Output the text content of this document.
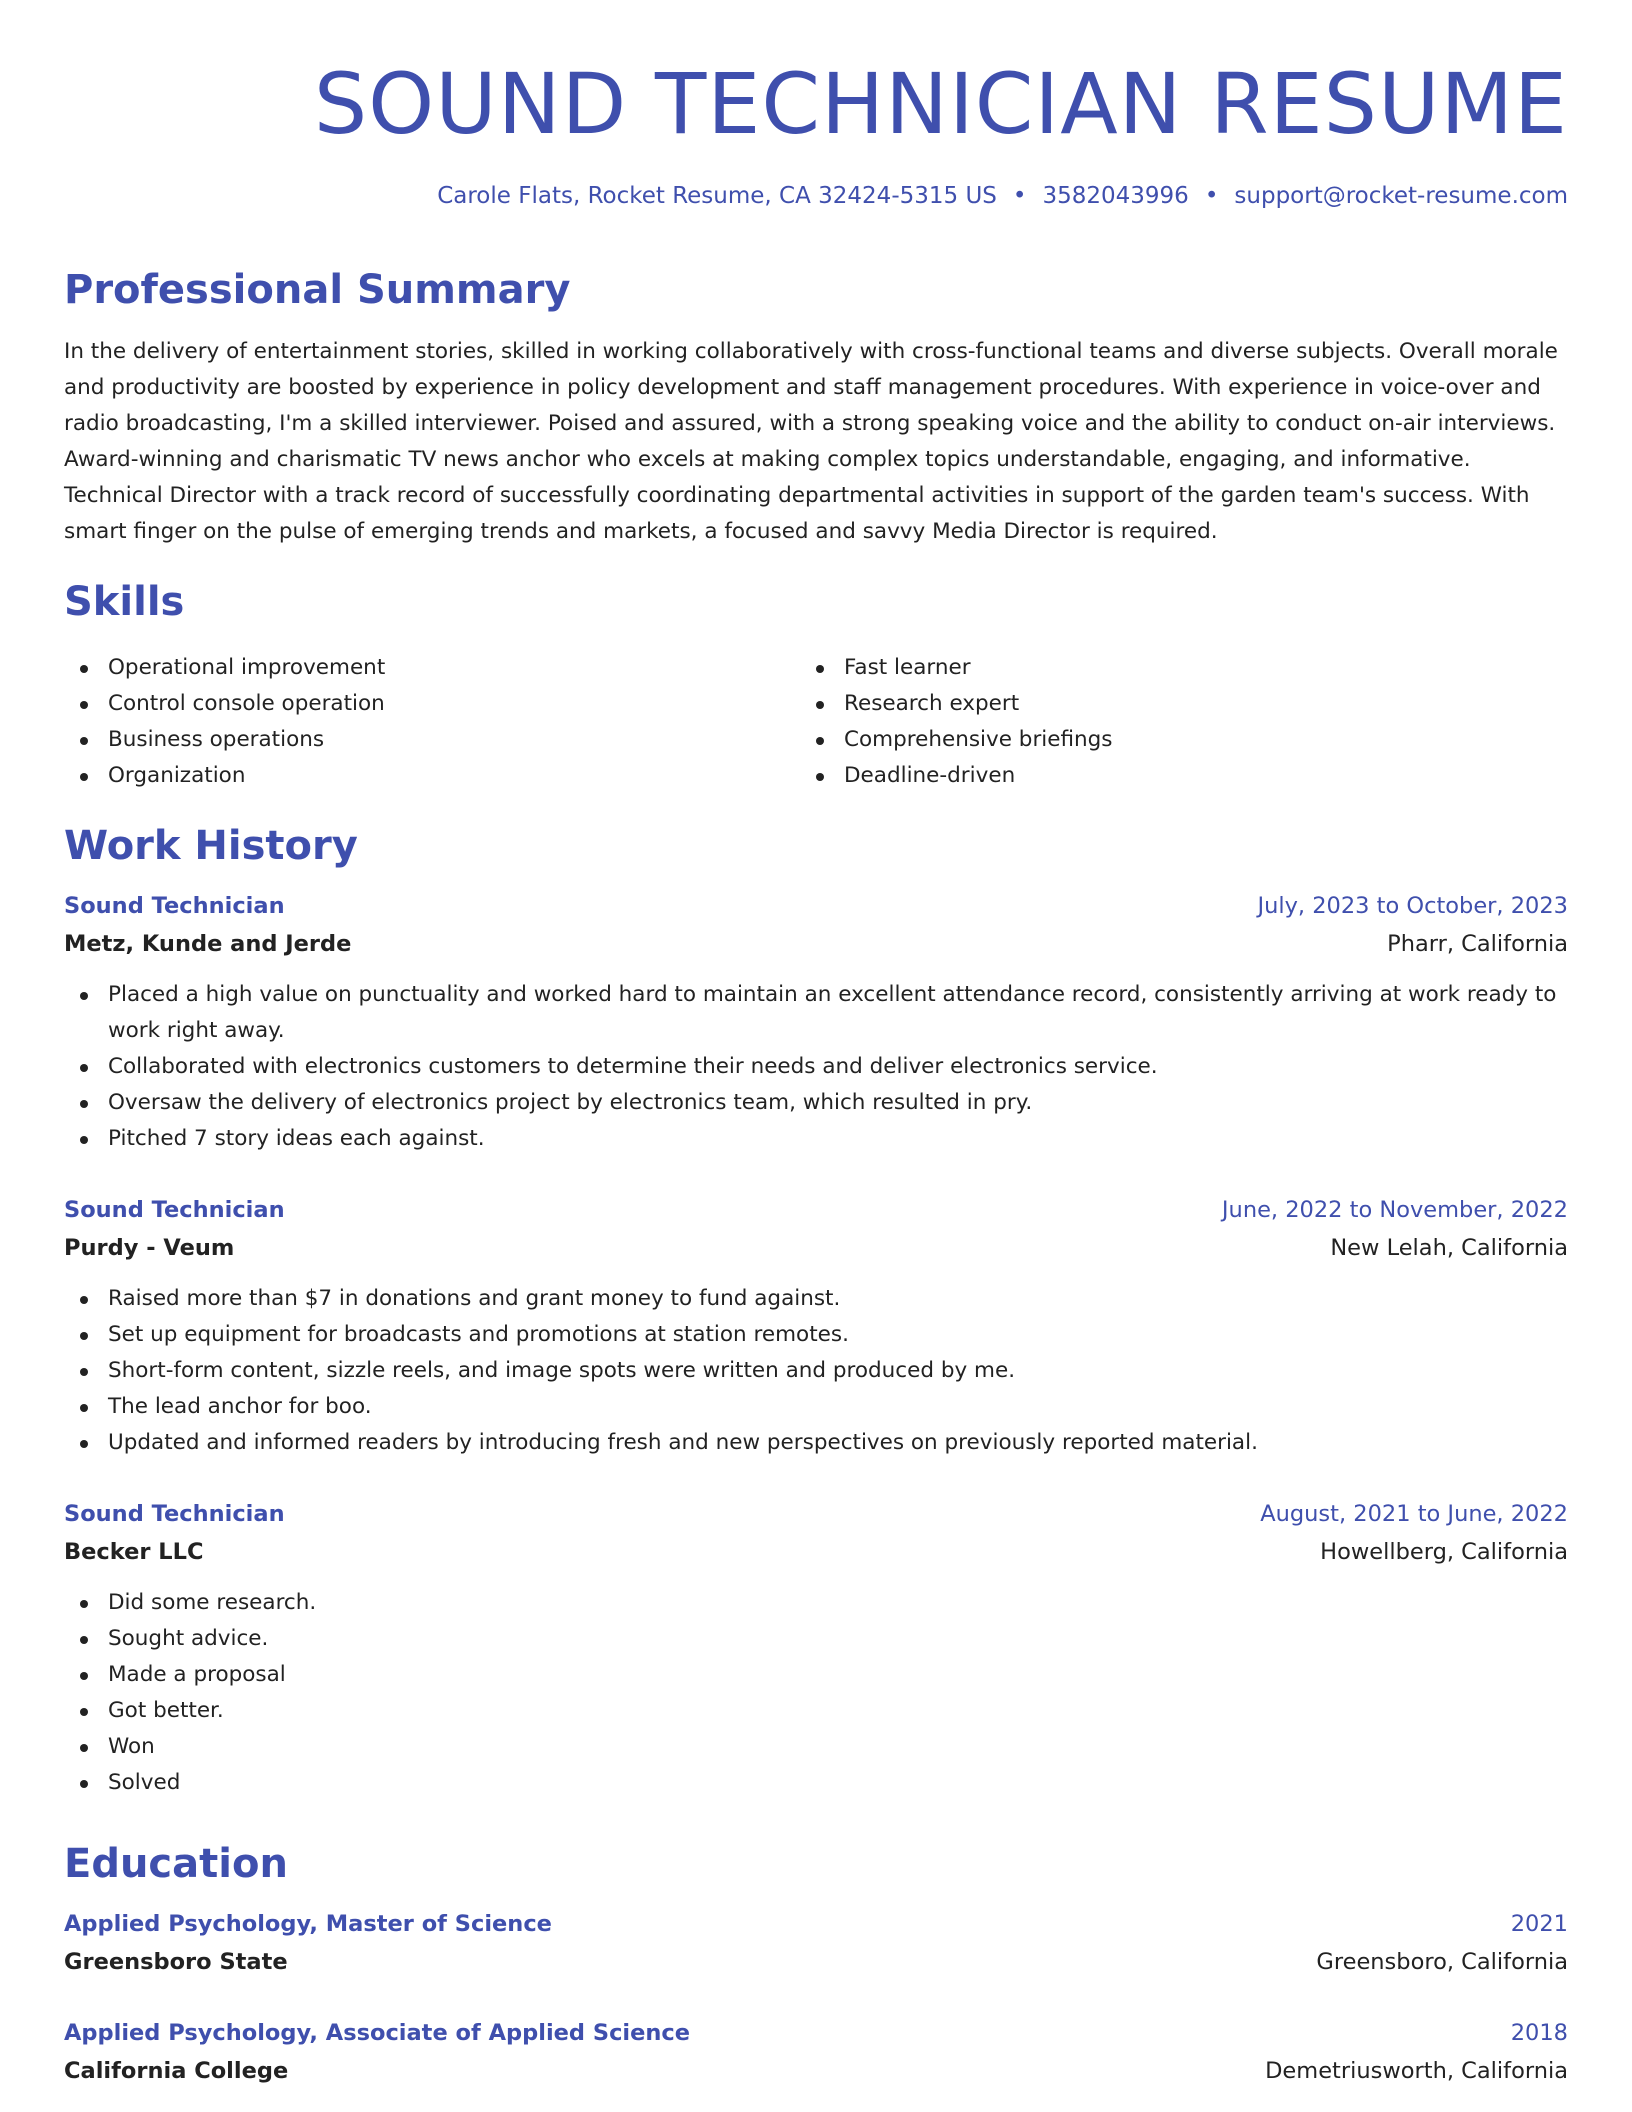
SOUND TECHNICIAN RESUME
Carole Flats, Rocket Resume, CA 32424-5315 US • 3582043996 • support@rocket-resume.com
Professional Summary

In the delivery of entertainment stories, skilled in working collaboratively with cross-functional teams and diverse subjects. Overall morale and productivity are boosted by experience in policy development and staff management procedures. With experience in voice-over and radio broadcasting, I'm a skilled interviewer. Poised and assured, with a strong speaking voice and the ability to conduct on-air interviews. Award-winning and charismatic TV news anchor who excels at making complex topics understandable, engaging, and informative. Technical Director with a track record of successfully coordinating departmental activities in support of the garden team's success. With smart finger on the pulse of emerging trends and markets, a focused and savvy Media Director is required.

Skills
Operational improvement
Control console operation
Business operations
Organization
Fast learner
Research expert
Comprehensive briefings
Deadline-driven
Work History
Sound Technician	July, 2023 to October, 2023
Metz, Kunde and Jerde	Pharr, California
Placed a high value on punctuality and worked hard to maintain an excellent attendance record, consistently arriving at work ready to work right away.
Collaborated with electronics customers to determine their needs and deliver electronics service.
Oversaw the delivery of electronics project by electronics team, which resulted in pry.
Pitched 7 story ideas each against.
Sound Technician	June, 2022 to November, 2022
Purdy - Veum	New Lelah, California
Raised more than $7 in donations and grant money to fund against.
Set up equipment for broadcasts and promotions at station remotes.
Short-form content, sizzle reels, and image spots were written and produced by me.
The lead anchor for boo.
Updated and informed readers by introducing fresh and new perspectives on previously reported material.
Sound Technician	August, 2021 to June, 2022
Becker LLC	Howellberg, California
Did some research.
Sought advice.
Made a proposal
Got better.
Won
Solved
Education
Applied Psychology, Master of Science	2021
Greensboro State	Greensboro, California
Applied Psychology, Associate of Applied Science	2018
California College	Demetriusworth, California
